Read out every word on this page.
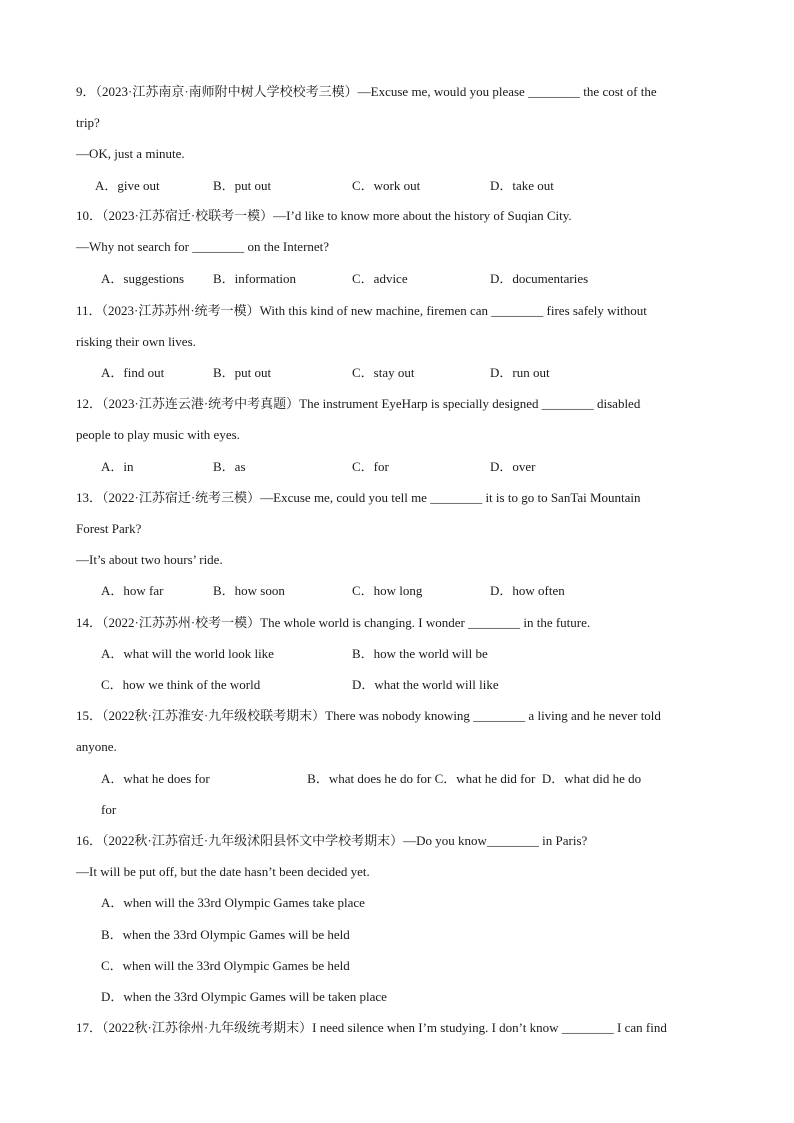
9．（2023·江苏南京·南师附中树人学校校考三模）—Excuse me, would you please ________ the cost of the
trip?
—OK, just a minute.
A．give out	B．put out	C．work out	D．take out
10．（2023·江苏宿迁·校联考一模）—I’d like to know more about the history of Suqian City.
—Why not search for ________ on the Internet?
A．suggestions B．information	C．advice	D．documentaries
11．（2023·江苏苏州·统考一模）With this kind of new machine, firemen can ________ fires safely without
risking their own lives.
A．find out	B．put out	C．stay out	D．run out
12．（2023·江苏连云港·统考中考真题）The instrument EyeHarp is specially designed ________ disabled
people to play music with eyes.
A．in	B．as	C．for	D．over
13．（2022·江苏宿迁·统考三模）—Excuse me, could you tell me ________ it is to go to SanTai Mountain
Forest Park?
—It’s about two hours’ ride.
A．how far	B．how soon	C．how long	D．how often
14．（2022·江苏苏州·校考一模）The whole world is changing. I wonder ________ in the future.
A．what will the world look like	B．how the world will be
C．how we think of the world	D．what the world will like
15．（2022秋·江苏淮安·九年级校联考期末）There was nobody knowing ________ a living and he never told
anyone.
A．what he does for                              B．what does he do for C．what he did for  D．what did he do
for
16．（2022秋·江苏宿迁·九年级沭阳县怀文中学校考期末）—Do you know________ in Paris?
—It will be put off, but the date hasn’t been decided yet.
A．when will the 33rd Olympic Games take place
B．when the 33rd Olympic Games will be held
C．when will the 33rd Olympic Games be held
D．when the 33rd Olympic Games will be taken place
17．（2022秋·江苏徐州·九年级统考期末）I need silence when I’m studying. I don’t know ________ I can find
